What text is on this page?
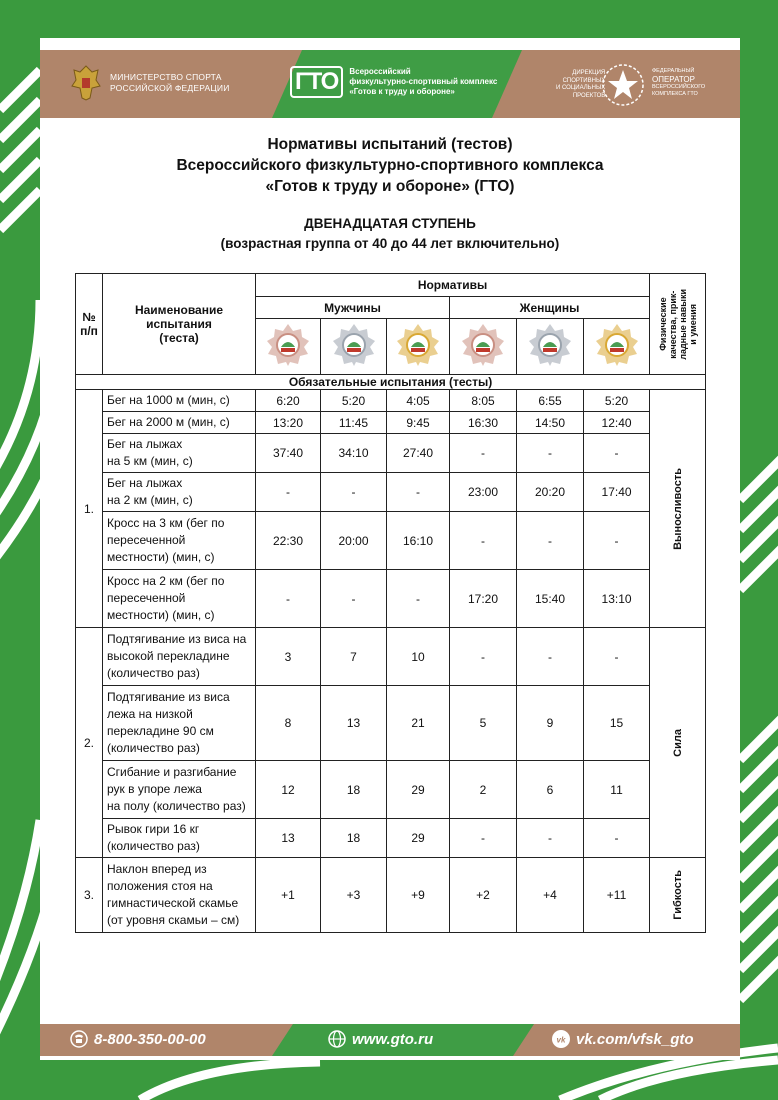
МИНИСТЕРСТВО СПОРТА
РОССИЙСКОЙ ФЕДЕРАЦИИ	ГТО	Всероссийский
физкультурно-спортивный комплекс
«Готов к труду и обороне»
ДИРЕКЦИЯ
СПОРТИВНЫХ
И СОЦИАЛЬНЫХ
ПРОЕКТОВ
ФЕДЕРАЛЬНЫЙ
ОПЕРАТОР
ВСЕРОССИЙСКОГО
КОМПЛЕКСА ГТО
Нормативы испытаний (тестов)
Всероссийского физкультурно-спортивного комплекса
«Готов к труду и обороне» (ГТО)
ДВЕНАДЦАТАЯ СТУПЕНЬ
(возрастная группа от 40 до 44 лет включительно)
№
п/п	Наименование испытания
(теста)	Нормативы						Физические
качества, прик-
ладные навыки
и умения

		Мужчины			Женщины			

Обязательные испытания (тесты)								
1.	Бег на 1000 м (мин, с)	6:20	5:20	4:05	8:05	6:55	5:20	Выносливость

	Бег на 2000 м (мин, с)	13:20	11:45	9:45	16:30	14:50	12:40	

	Бег на лыжах
на 5 км (мин, с)	37:40	34:10	27:40	-	-	-	

	Бег на лыжах
на 2 км (мин, с)	-	-	-	23:00	20:20	17:40	

	Кросс на 3 км (бег по
пересеченной
местности) (мин, с)	22:30	20:00	16:10	-	-	-	

	Кросс на 2 км (бег по
пересеченной
местности) (мин, с)	-	-	-	17:20	15:40	13:10	
2.	Подтягивание из виса на
высокой перекладине
(количество раз)	3	7	10	-	-	-	Сила

	Подтягивание из виса
лежа на низкой
перекладине 90 см
(количество раз)	8	13	21	5	9	15	

	Сгибание и разгибание
рук в упоре лежа
на полу (количество раз)	12	18	29	2	6	11	

	Рывок гири 16 кг
(количество раз)	13	18	29	-	-	-	
3.	Наклон вперед из
положения стоя на
гимнастической скамье
(от уровня скамьи – см)	+1	+3	+9	+2	+4	+11	Гибкость
8-800-350-00-00	www.gto.ru	vk vk.com/vfsk_gto
